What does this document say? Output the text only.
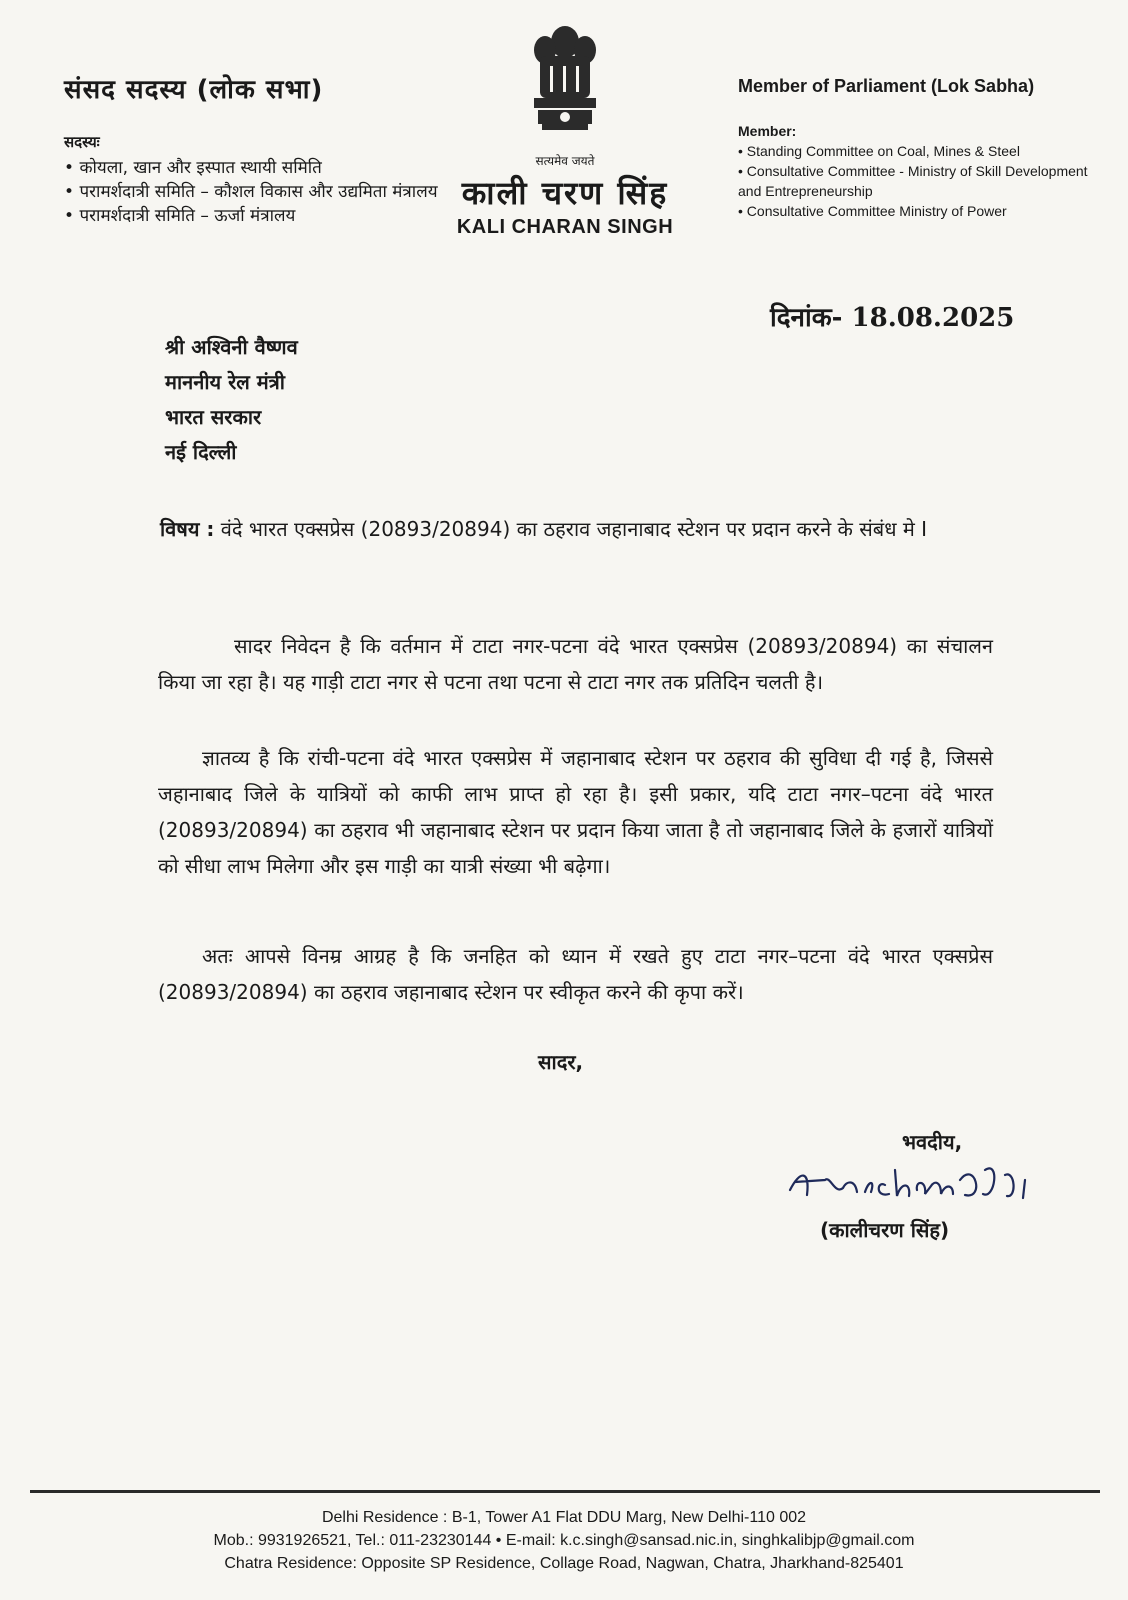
संसद सदस्य (लोक सभा)
सदस्यः
• कोयला, खान और इस्पात स्थायी समिति
• परामर्शदात्री समिति – कौशल विकास और उद्यमिता मंत्रालय
• परामर्शदात्री समिति – ऊर्जा मंत्रालय
सत्यमेव जयते
काली चरण सिंह
KALI CHARAN SINGH
Member of Parliament (Lok Sabha)
Member:
• Standing Committee on Coal, Mines & Steel
• Consultative Committee - Ministry of Skill Development and Entrepreneurship
• Consultative Committee Ministry of Power
दिनांक- 18.08.2025
श्री अश्विनी वैष्णव
माननीय रेल मंत्री
भारत सरकार
नई दिल्ली
विषय : वंदे भारत एक्सप्रेस (20893/20894) का ठहराव जहानाबाद स्टेशन पर प्रदान करने के संबंध मे I
सादर निवेदन है कि वर्तमान में टाटा नगर-पटना वंदे भारत एक्सप्रेस (20893/20894) का संचालन किया जा रहा है। यह गाड़ी टाटा नगर से पटना तथा पटना से टाटा नगर तक प्रतिदिन चलती है।
ज्ञातव्य है कि रांची-पटना वंदे भारत एक्सप्रेस में जहानाबाद स्टेशन पर ठहराव की सुविधा दी गई है, जिससे जहानाबाद जिले के यात्रियों को काफी लाभ प्राप्त हो रहा है। इसी प्रकार, यदि टाटा नगर–पटना वंदे भारत (20893/20894) का ठहराव भी जहानाबाद स्टेशन पर प्रदान किया जाता है तो जहानाबाद जिले के हजारों यात्रियों को सीधा लाभ मिलेगा और इस गाड़ी का यात्री संख्या भी बढ़ेगा।
अतः आपसे विनम्र आग्रह है कि जनहित को ध्यान में रखते हुए टाटा नगर–पटना वंदे भारत एक्सप्रेस (20893/20894) का ठहराव जहानाबाद स्टेशन पर स्वीकृत करने की कृपा करें।
सादर,
भवदीय,
(कालीचरण सिंह)
Delhi Residence : B-1, Tower A1 Flat DDU Marg, New Delhi-110 002
Mob.: 9931926521, Tel.: 011-23230144 • E-mail: k.c.singh@sansad.nic.in, singhkalibjp@gmail.com
Chatra Residence: Opposite SP Residence, Collage Road, Nagwan, Chatra, Jharkhand-825401
